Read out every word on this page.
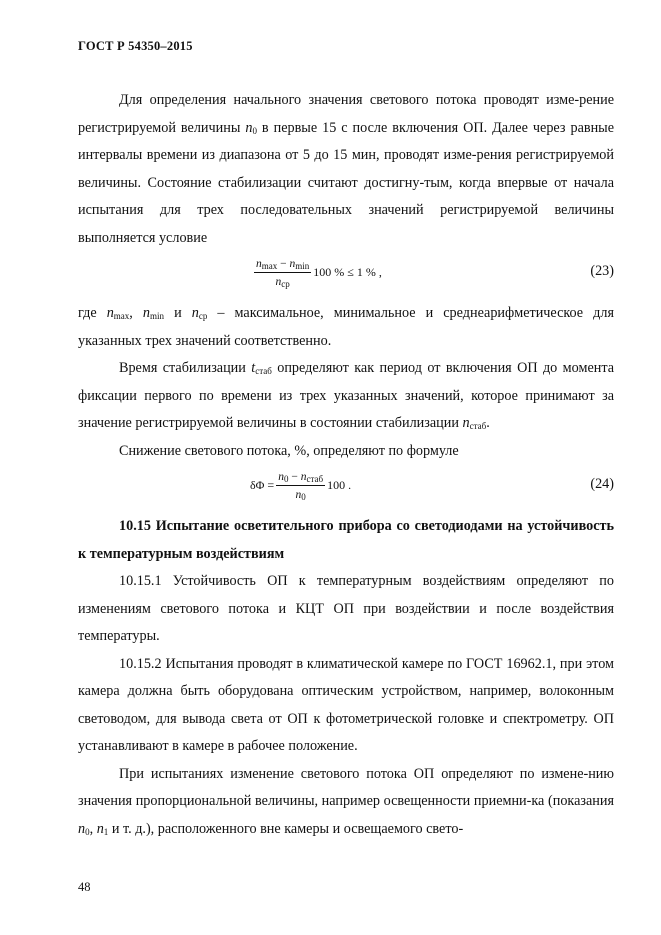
ГОСТ Р 54350–2015

Для определения начального значения светового потока проводят изме-рение регистрируемой величины $n_0$ в первые 15 с после включения ОП. Далее через равные интервалы времени из диапазона от 5 до 15 мин, проводят изме-рения регистрируемой величины. Состояние стабилизации считают достигну-тым, когда впервые от начала испытания для трех последовательных значений регистрируемой величины выполняется условие

$\frac{n_{max} - n_{min}}{n_{ср}} 100$ % ≤ 1 % ,	(23)

где $n_{max}$, $n_{min}$ и $n_{ср}$ – максимальное, минимальное и среднеарифметическое для указанных трех значений соответственно.

Время стабилизации $t_{стаб}$ определяют как период от включения ОП до момента фиксации первого по времени из трех указанных значений, которое принимают за значение регистрируемой величины в состоянии стабилизации $n_{стаб}$.

Снижение светового потока, %, определяют по формуле

$\delta\Phi = \frac{n_0 - n_{стаб}}{n_0} 100$ .	(24)

10.15 Испытание осветительного прибора со светодиодами на устойчивость к температурным воздействиям

10.15.1 Устойчивость ОП к температурным воздействиям определяют по изменениям светового потока и КЦТ ОП при воздействии и после воздействия температуры.

10.15.2 Испытания проводят в климатической камере по ГОСТ 16962.1, при этом камера должна быть оборудована оптическим устройством, например, волоконным световодом, для вывода света от ОП к фотометрической головке и спектрометру. ОП устанавливают в камере в рабочее положение.

При испытаниях изменение светового потока ОП определяют по измене-нию значения пропорциональной величины, например освещенности приемни-ка (показания $n_0$, $n_1$ и т. д.), расположенного вне камеры и освещаемого свето-

48
